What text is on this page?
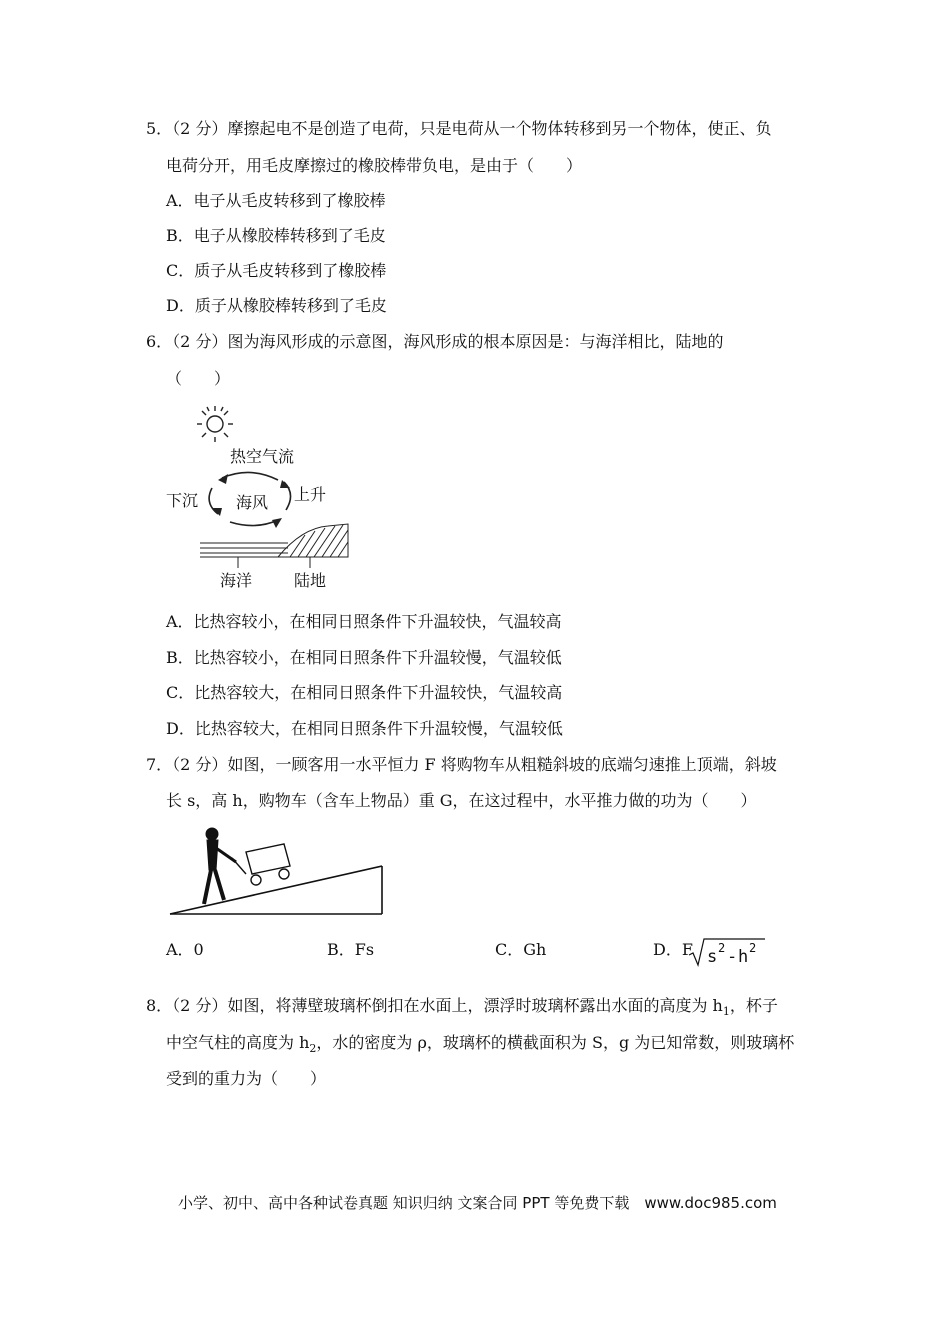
5．（2 分）摩擦起电不是创造了电荷，只是电荷从一个物体转移到另一个物体，使正、负
电荷分开，用毛皮摩擦过的橡胶棒带负电，是由于（　　）
A．电子从毛皮转移到了橡胶棒
B．电子从橡胶棒转移到了毛皮
C．质子从毛皮转移到了橡胶棒
D．质子从橡胶棒转移到了毛皮
6．（2 分）图为海风形成的示意图，海风形成的根本原因是：与海洋相比，陆地的
（　　）
热空气流
下沉 海风 上升
海洋	陆地
A．比热容较小，在相同日照条件下升温较快，气温较高
B．比热容较小，在相同日照条件下升温较慢，气温较低
C．比热容较大，在相同日照条件下升温较快，气温较高
D．比热容较大，在相同日照条件下升温较慢，气温较低
7．（2 分）如图，一顾客用一水平恒力 F 将购物车从粗糙斜坡的底端匀速推上顶端，斜坡
长 s，高 h，购物车（含车上物品）重 G，在这过程中，水平推力做的功为（　　）
A．0	B．Fs	C．Gh	D．F s 2 - h 2
8．（2 分）如图，将薄壁玻璃杯倒扣在水面上，漂浮时玻璃杯露出水面的高度为 $h_1$，杯子
中空气柱的高度为 $h_2$，水的密度为 ρ，玻璃杯的横截面积为 S，g 为已知常数，则玻璃杯
受到的重力为（　　）
小学、初中、高中各种试卷真题 知识归纳 文案合同 PPT 等免费下载　www.doc985.com
